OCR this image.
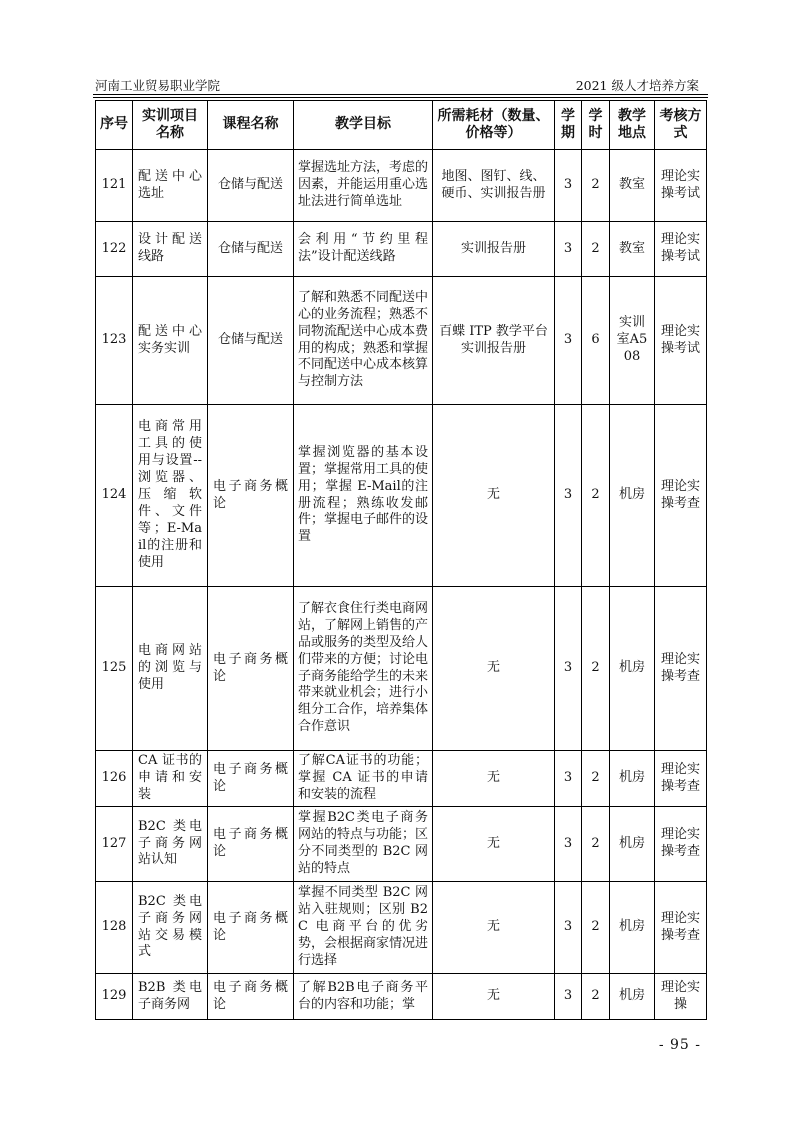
河南工业贸易职业学院	2021 级人才培养方案
序号	实训项目名称	课程名称	教学目标	所需耗材（数量、价格等）	学期	学时	教学地点	考核方式
121	配送中心选址	仓储与配送	掌握选址方法，考虑的因素，并能运用重心选址法进行简单选址	地图、图钉、线、硬币、实训报告册	3	2	教室	理论实操考试
122	设计配送线路	仓储与配送	会利用“节约里程法”设计配送线路	实训报告册	3	2	教室	理论实操考试
123	配送中心实务实训	仓储与配送	了解和熟悉不同配送中心的业务流程；熟悉不同物流配送中心成本费用的构成；熟悉和掌握不同配送中心成本核算与控制方法	百蝶 ITP 教学平台实训报告册	3	6	实训室A508	理论实操考试
124	电商常用工具的使用与设置-- 浏览器、压缩软件、文件等；E-Mail的注册和使用	电子商务概论	掌握浏览器的基本设置；掌握常用工具的使用；掌握 E-Mail的注册流程；熟练收发邮件；掌握电子邮件的设置	无	3	2	机房	理论实操考查
125	电商网站的浏览与使用	电子商务概论	了解衣食住行类电商网站，了解网上销售的产品或服务的类型及给人们带来的方便；讨论电子商务能给学生的未来带来就业机会；进行小组分工合作，培养集体合作意识	无	3	2	机房	理论实操考查
126	CA 证书的申请和安装	电子商务概论	了解CA证书的功能；掌握 CA 证书的申请和安装的流程	无	3	2	机房	理论实操考查
127	B2C 类电子商务网站认知	电子商务概论	掌握B2C类电子商务网站的特点与功能；区分不同类型的 B2C 网站的特点	无	3	2	机房	理论实操考查
128	B2C 类电子商务网站交易模式	电子商务概论	掌握不同类型 B2C 网站入驻规则；区别 B2C 电商平台的优劣势，会根据商家情况进行选择	无	3	2	机房	理论实操考查
129	B2B 类电子商务网	电子商务概论	了解B2B电子商务平台的内容和功能；掌	无	3	2	机房	理论实操
- 95 -
